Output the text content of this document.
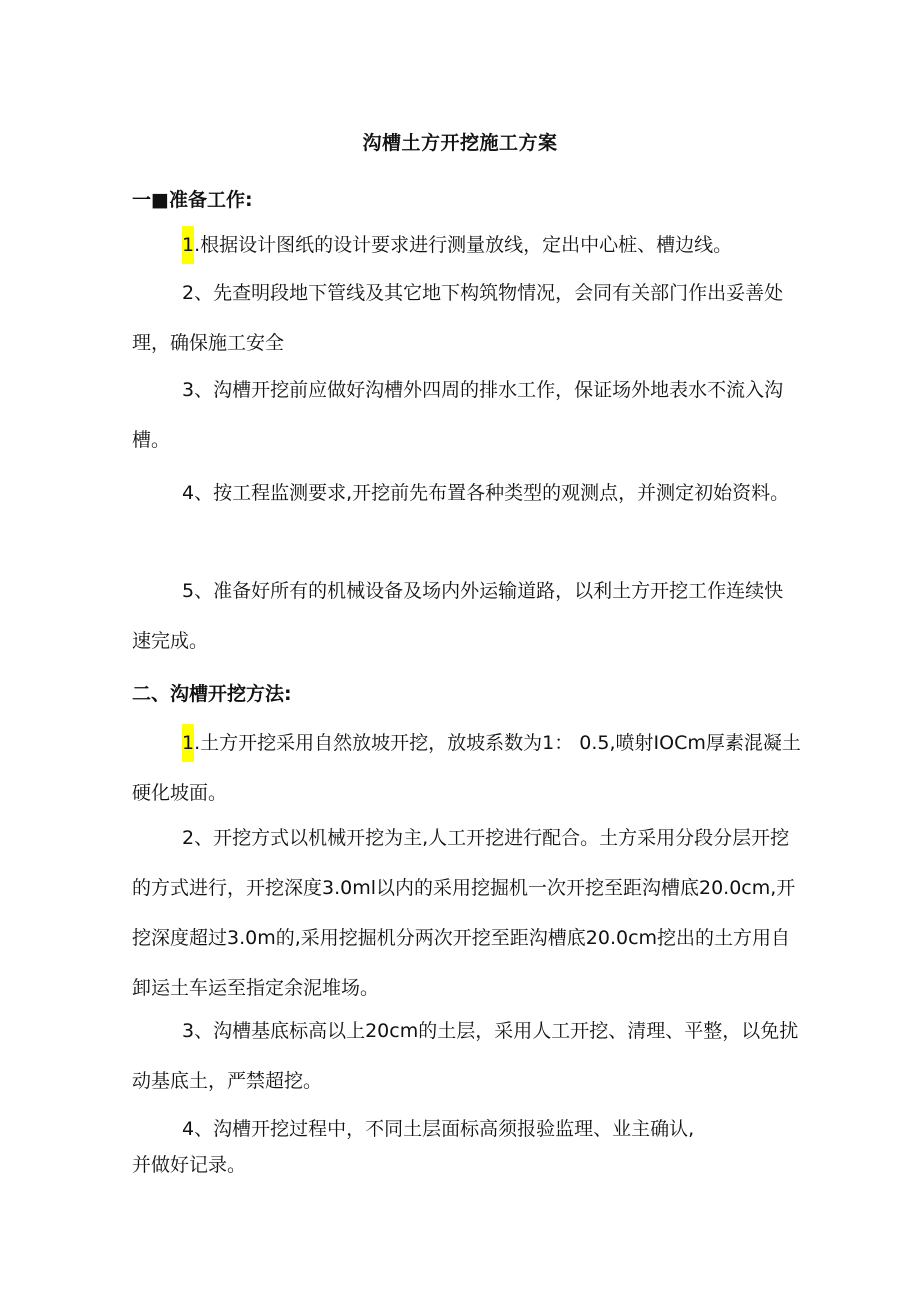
沟槽土方开挖施工方案
一■准备工作:

1.根据设计图纸的设计要求进行测量放线，定出中心桩、槽边线。

2、先查明段地下管线及其它地下构筑物情况，会同有关部门作出妥善处理，确保施工安全

3、沟槽开挖前应做好沟槽外四周的排水工作，保证场外地表水不流入沟槽。

4、按工程监测要求,开挖前先布置各种类型的观测点，并测定初始资料。

5、准备好所有的机械设备及场内外运输道路，以利土方开挖工作连续快速完成。

二、沟槽开挖方法:

1.土方开挖采用自然放坡开挖，放坡系数为1： 0.5,喷射IOCm厚素混凝土硬化坡面。

2、开挖方式以机械开挖为主,人工开挖进行配合。土方采用分段分层开挖的方式进行，开挖深度3.0ml以内的采用挖掘机一次开挖至距沟槽底20.0cm,开挖深度超过3.0m的,采用挖掘机分两次开挖至距沟槽底20.0cm挖出的土方用自卸运土车运至指定余泥堆场。

3、沟槽基底标高以上20cm的土层，采用人工开挖、清理、平整，以免扰动基底土，严禁超挖。

4、沟槽开挖过程中，不同土层面标高须报验监理、业主确认,

并做好记录。
